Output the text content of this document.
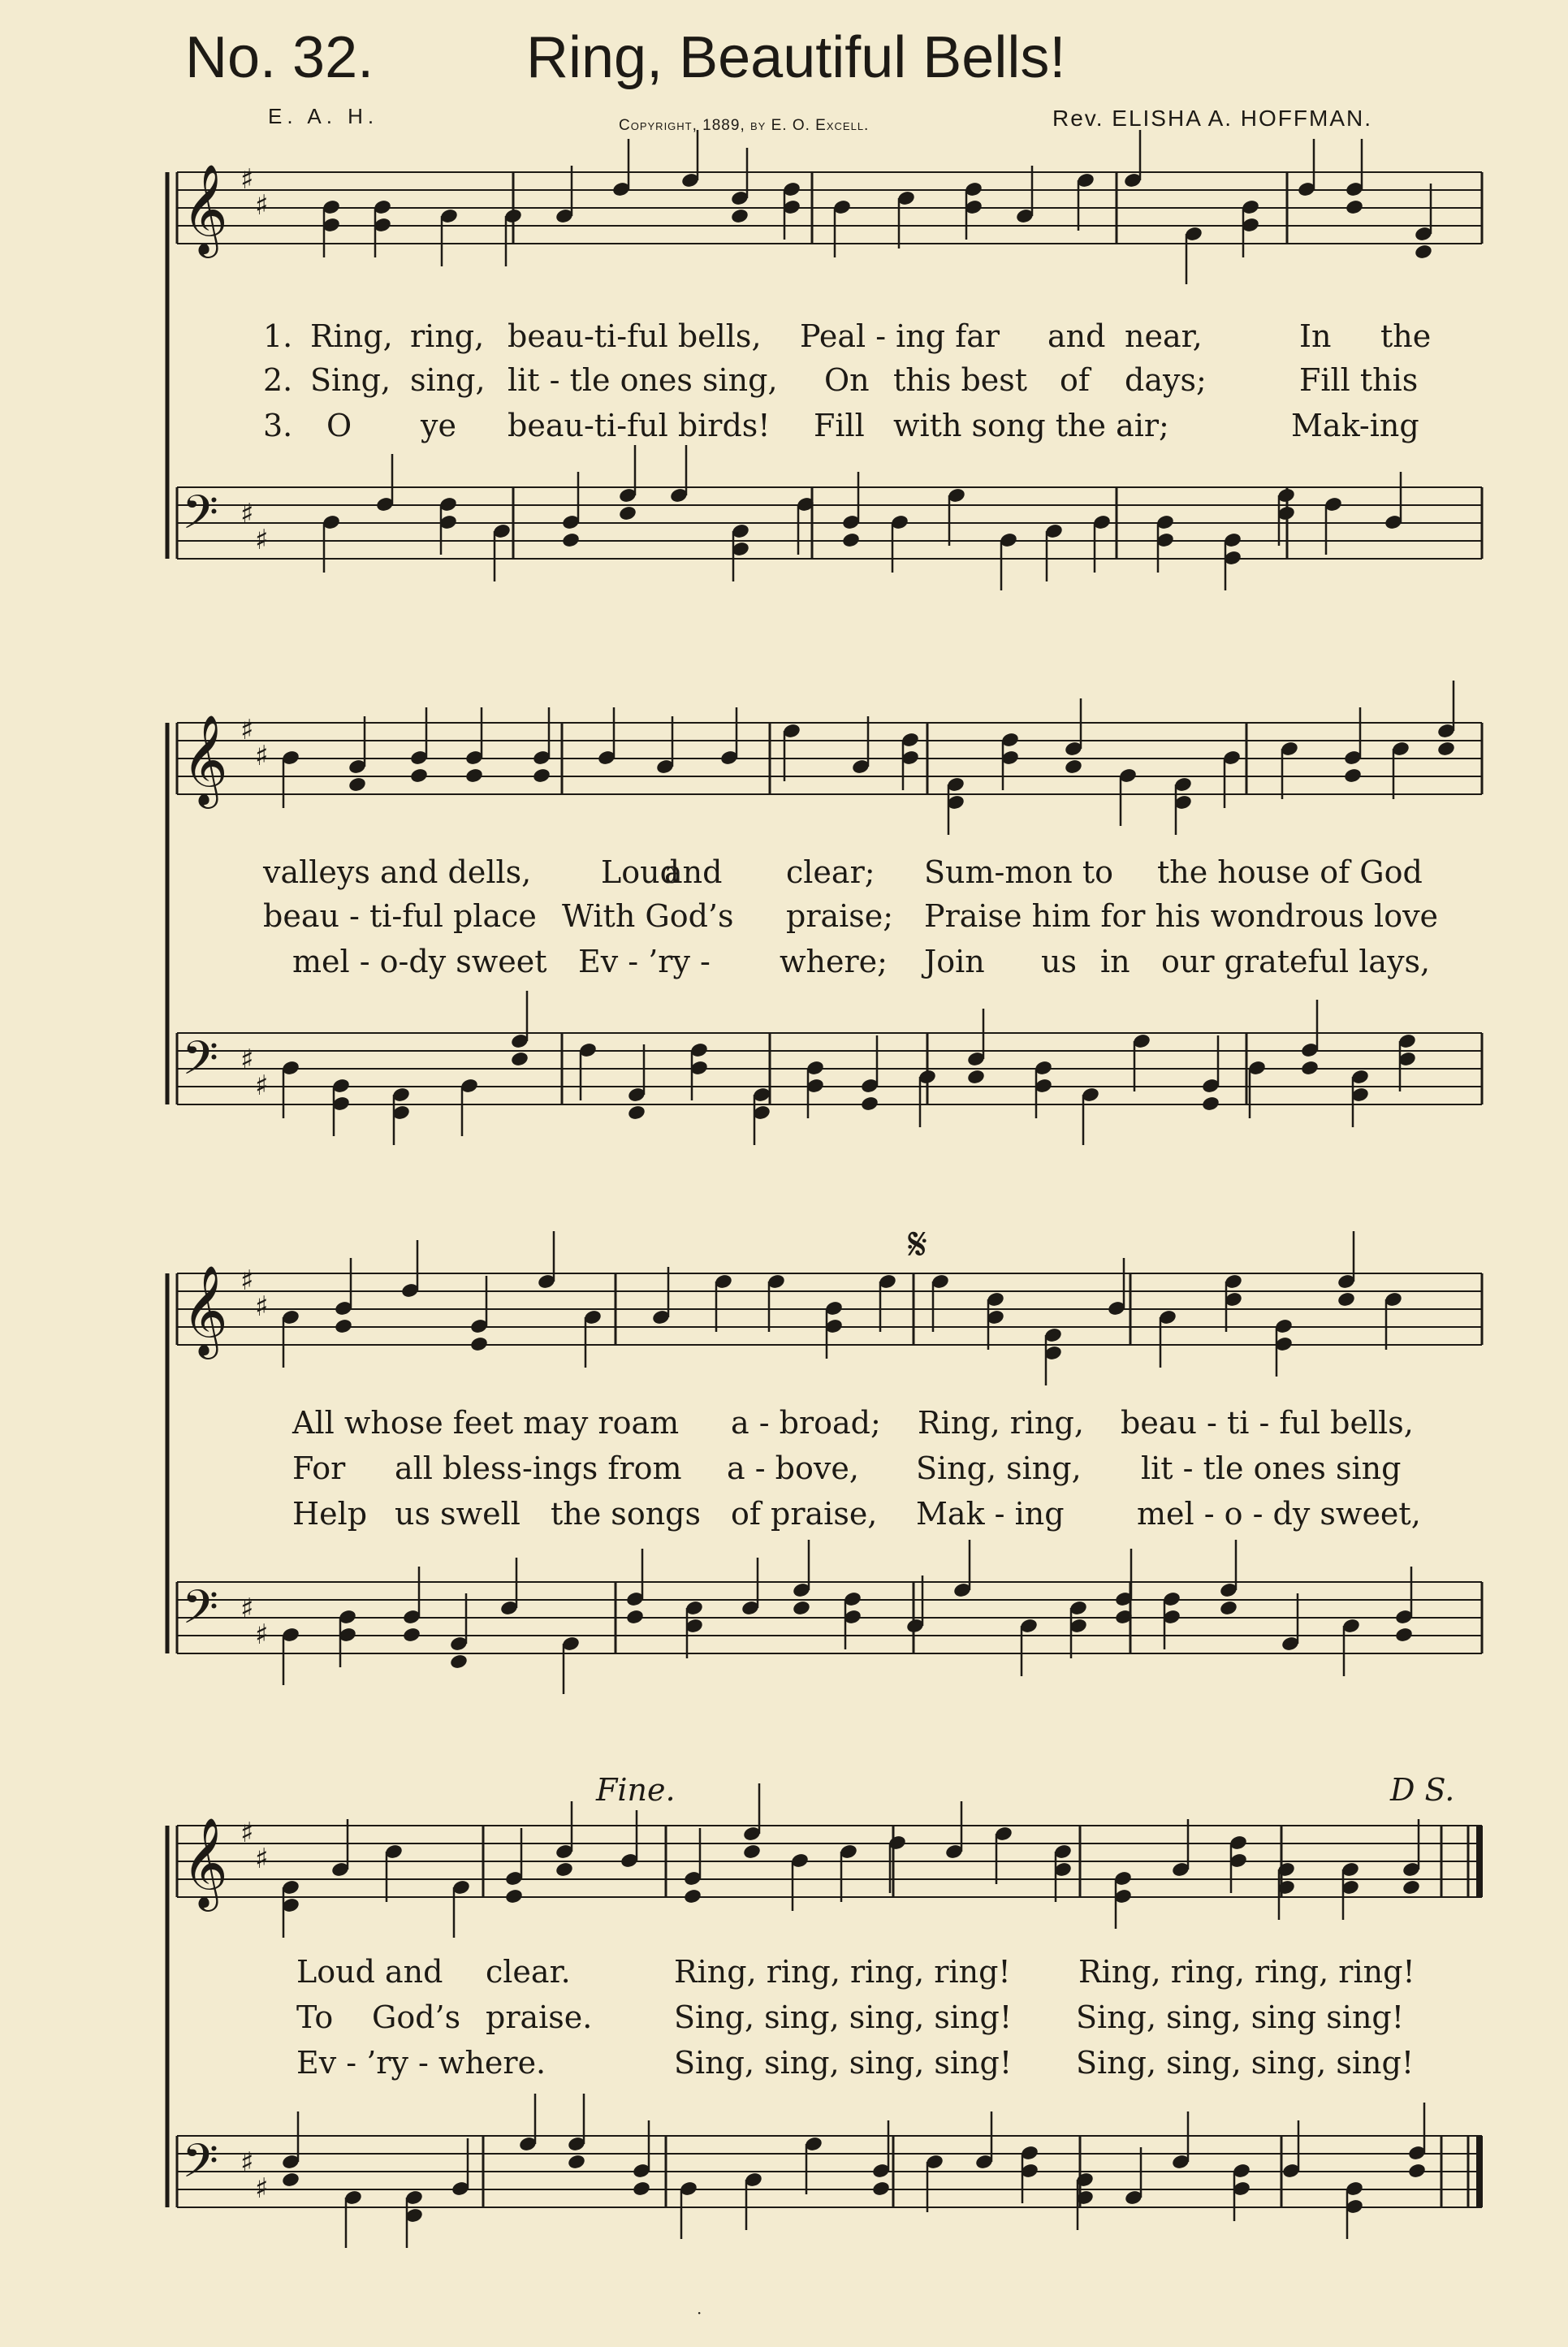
No. 32.	Ring, Beautiful Bells!
E. A. H.	Copyright, 1889, by E. O. Excell.	Rev. ELISHA A. HOFFMAN.
𝄞 ♯
♯
𝄢 ♯
♯
𝄞 ♯
♯
𝄢 ♯
♯
𝄞 ♯
♯
𝄢 ♯
♯
𝄞 ♯
♯
𝄢 ♯
♯
𝄋
Fine.	D S.
1. Ring, ring, beau-ti-ful bells, Peal - ing far and near,	In the
2. Sing, sing, lit - tle ones sing, On this best of days;	Fill this
3. O ye beau-ti-ful birds! Fill with song the air;	Mak-ing
valleys and dells, Loud
and clear; Sum-mon to the house of God
beau - ti-ful place With God’s praise; Praise him for his wondrous love
mel - o-dy sweet Ev - ’ry - where; Join us in our grateful lays,
All whose feet may roam a - broad; Ring, ring, beau - ti - ful bells,
For all bless-ings from a - bove, Sing, sing, lit - tle ones sing
Help us swell the songs of praise, Mak - ing mel - o - dy sweet,
Loud and clear.	Ring, ring, ring, ring! Ring, ring, ring, ring!
To God’s praise.	Sing, sing, sing, sing! Sing, sing, sing sing!
Ev - ’ry - where.	Sing, sing, sing, sing! Sing, sing, sing, sing!
·
